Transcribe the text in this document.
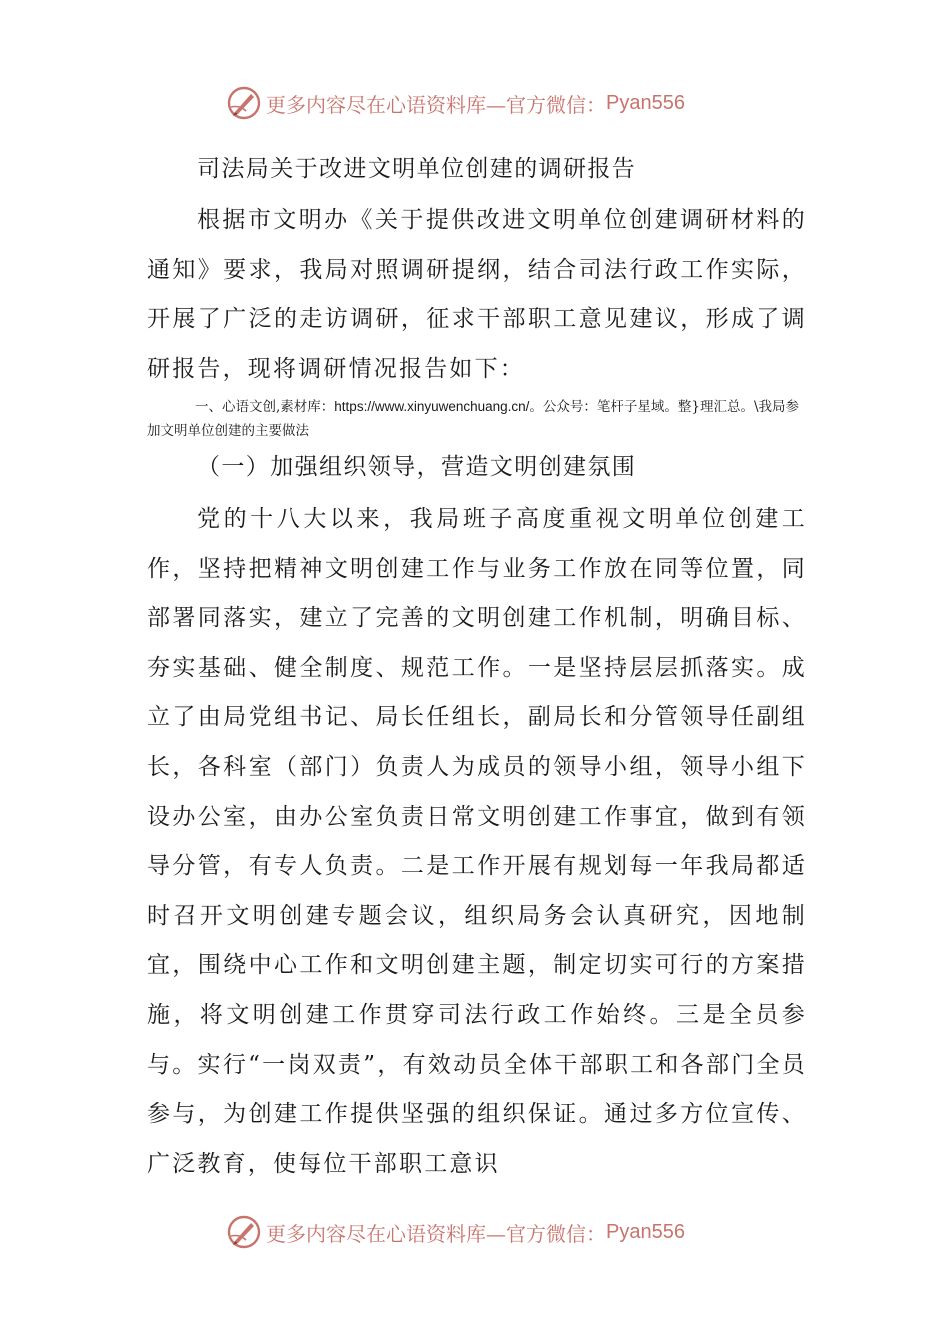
更多内容尽在心语资料库— 官方微信： Pyan556
司法局关于改进文明单位创建的调研报告

根据市文明办《关于提供改进文明单位创建调研材料的通知》要求，我局对照调研提纲，结合司法行政工作实际，开展了广泛的走访调研，征求干部职工意见建议，形成了调研报告，现将调研情况报告如下：

一、心语文创,素材库：https://www.xinyuwenchuang.cn/。公众号：笔杆子星域。整}理汇总。\我局参加文明单位创建的主要做法

（一）加强组织领导，营造文明创建氛围

党的十八大以来，我局班子高度重视文明单位创建工作，坚持把精神文明创建工作与业务工作放在同等位置，同部署同落实，建立了完善的文明创建工作机制，明确目标、夯实基础、健全制度、规范工作。一是坚持层层抓落实。成立了由局党组书记、局长任组长，副局长和分管领导任副组长，各科室（部门）负责人为成员的领导小组，领导小组下设办公室，由办公室负责日常文明创建工作事宜，做到有领导分管，有专人负责。二是工作开展有规划每一年我局都适时召开文明创建专题会议，组织局务会认真研究，因地制宜，围绕中心工作和文明创建主题，制定切实可行的方案措施，将文明创建工作贯穿司法行政工作始终。三是全员参与。实行“一岗双责”，有效动员全体干部职工和各部门全员参与，为创建工作提供坚强的组织保证。通过多方位宣传、广泛教育，使每位干部职工意识

更多内容尽在心语资料库— 官方微信： Pyan556
